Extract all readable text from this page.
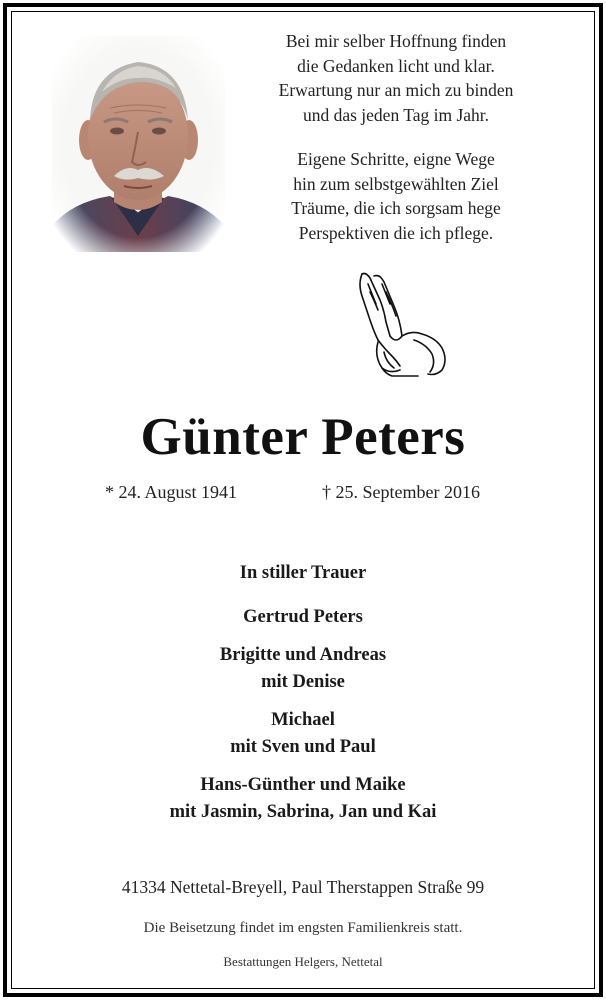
Bei mir selber Hoffnung finden
die Gedanken licht und klar.
Erwartung nur an mich zu binden
und das jeden Tag im Jahr.
Eigene Schritte, eigne Wege
hin zum selbstgewählten Ziel
Träume, die ich sorgsam hege
Perspektiven die ich pflege.
Günter Peters
* 24. August 1941	† 25. September 2016
In stiller Trauer
Gertrud Peters
Brigitte und Andreas
mit Denise
Michael
mit Sven und Paul
Hans-Günther und Maike
mit Jasmin, Sabrina, Jan und Kai
41334 Nettetal-Breyell, Paul Therstappen Straße 99
Die Beisetzung findet im engsten Familienkreis statt.
Bestattungen Helgers, Nettetal
